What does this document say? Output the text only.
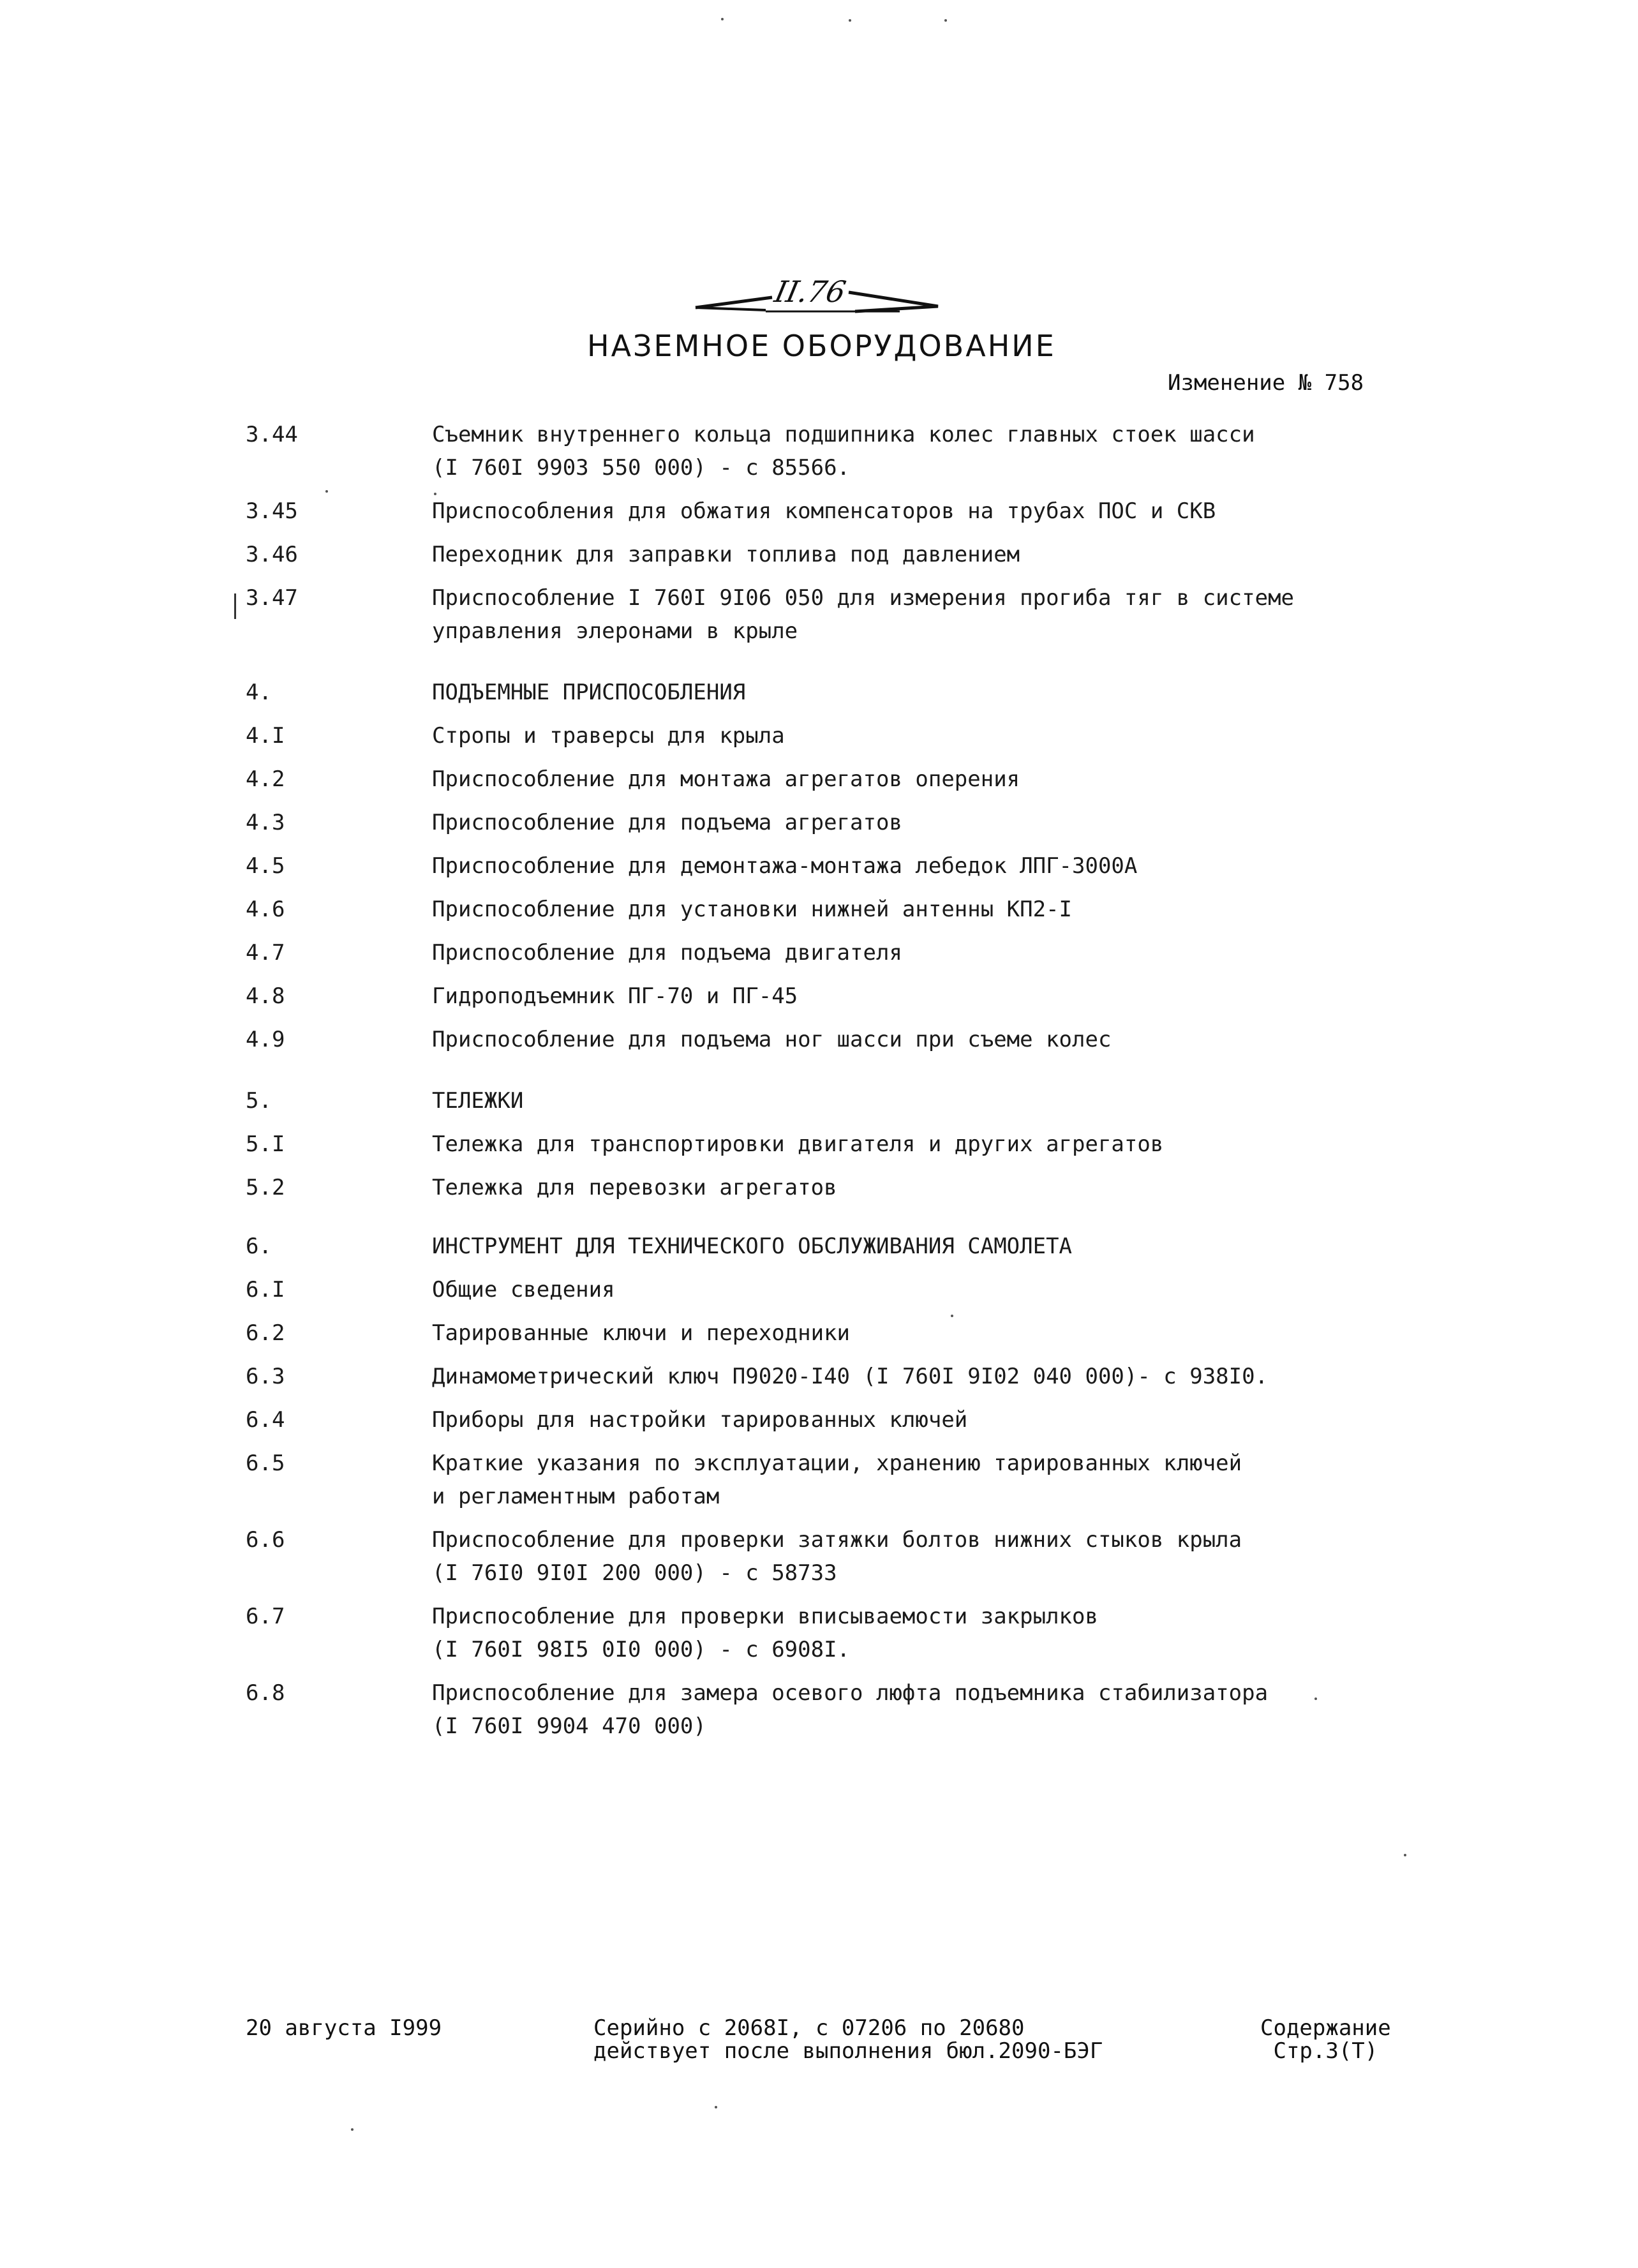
II.76
НАЗЕМНОЕ ОБОРУДОВАНИЕ
Изменение № 758
3.44	Съемник внутреннего кольца подшипника колес главных стоек шасси
(I 760I 9903 550 000) - с 85566.
3.45	Приспособления для обжатия компенсаторов на трубах ПОС и СКВ
3.46	Переходник для заправки топлива под давлением
3.47	Приспособление I 760I 9I06 050 для измерения прогиба тяг в системе
управления элеронами в крыле
4.	ПОДЪЕМНЫЕ ПРИСПОСОБЛЕНИЯ
4.I	Стропы и траверсы для крыла
4.2	Приспособление для монтажа агрегатов оперения
4.3	Приспособление для подъема агрегатов
4.5	Приспособление для демонтажа-монтажа лебедок ЛПГ-3000А
4.6	Приспособление для установки нижней антенны КП2-I
4.7	Приспособление для подъема двигателя
4.8	Гидроподъемник ПГ-70 и ПГ-45
4.9	Приспособление для подъема ног шасси при съеме колес
5.	ТЕЛЕЖКИ
5.I	Тележка для транспортировки двигателя и других агрегатов
5.2	Тележка для перевозки агрегатов
6.	ИНСТРУМЕНТ ДЛЯ ТЕХНИЧЕСКОГО ОБСЛУЖИВАНИЯ САМОЛЕТА
6.I	Общие сведения
6.2	Тарированные ключи и переходники
6.3	Динамометрический ключ П9020-I40 (I 760I 9I02 040 000)- с 938I0.
6.4	Приборы для настройки тарированных ключей
6.5	Краткие указания по эксплуатации, хранению тарированных ключей
и регламентным работам
6.6	Приспособление для проверки затяжки болтов нижних стыков крыла
(I 76I0 9I0I 200 000) - с 58733
6.7	Приспособление для проверки вписываемости закрылков
(I 760I 98I5 0I0 000) - с 6908I.
6.8	Приспособление для замера осевого люфта подъемника стабилизатора
(I 760I 9904 470 000)
20 августа I999	Серийно с 2068I, с 07206 по 20680
действует после выполнения бюл.2090-БЭГ
Содержание
Стр.3(Т)
